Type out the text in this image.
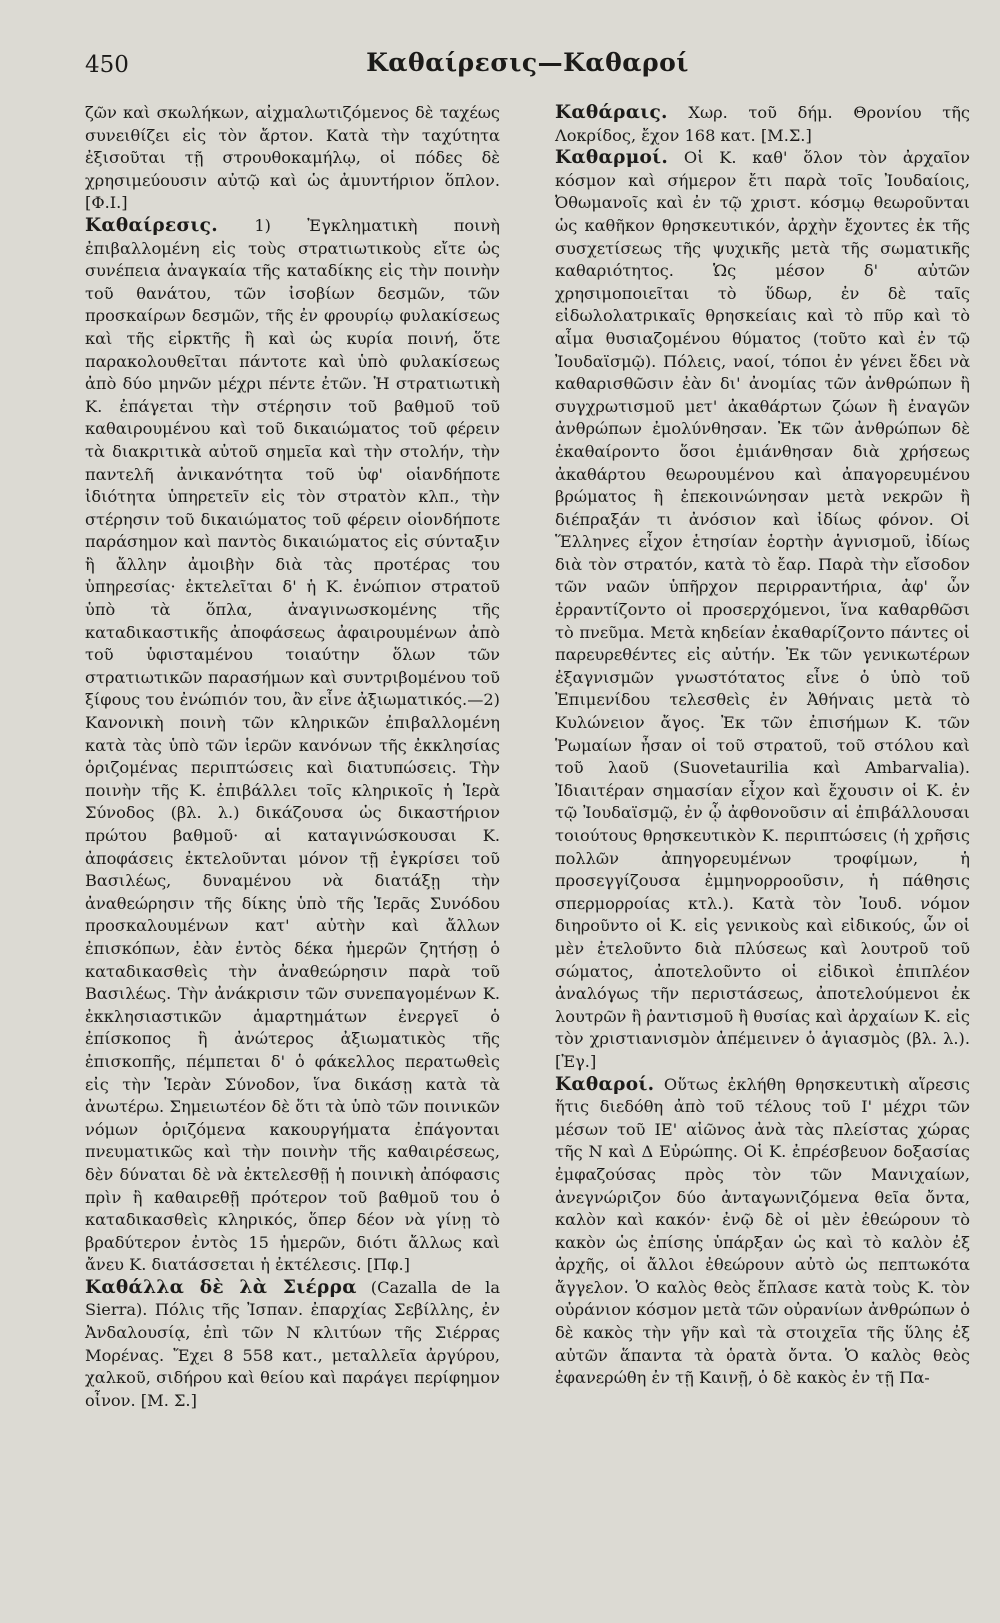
450	Καθαίρεσις—Καθαροί

ζῶν καὶ σκωλήκων, αἰχμαλωτιζόμενος δὲ ταχέως συνειθίζει εἰς τὸν ἄρτον. Κατὰ τὴν ταχύτητα ἐξισοῦται τῇ στρουθοκαμήλῳ, οἱ πόδες δὲ χρησιμεύουσιν αὐτῷ καὶ ὡς ἀμυντήριον ὅπλον. [Φ.Ι.]

Καθαίρεσις. 1) Ἐγκληματικὴ ποινὴ ἐπιβαλλομένη εἰς τοὺς στρατιωτικοὺς εἴτε ὡς συνέπεια ἀναγκαία τῆς καταδίκης εἰς τὴν ποινὴν τοῦ θανάτου, τῶν ἰσοβίων δεσμῶν, τῶν προσκαίρων δεσμῶν, τῆς ἐν φρουρίῳ φυλακίσεως καὶ τῆς εἱρκτῆς ἢ καὶ ὡς κυρία ποινή, ὅτε παρακολουθεῖται πάντοτε καὶ ὑπὸ φυλακίσεως ἀπὸ δύο μηνῶν μέχρι πέντε ἐτῶν. Ἡ στρατιωτικὴ Κ. ἐπάγεται τὴν στέρησιν τοῦ βαθμοῦ τοῦ καθαιρουμένου καὶ τοῦ δικαιώματος τοῦ φέρειν τὰ διακριτικὰ αὐτοῦ σημεῖα καὶ τὴν στολήν, τὴν παντελῆ ἀνικανότητα τοῦ ὑφ' οἱανδήποτε ἰδιότητα ὑπηρετεῖν εἰς τὸν στρατὸν κλπ., τὴν στέρησιν τοῦ δικαιώματος τοῦ φέρειν οἱονδήποτε παράσημον καὶ παντὸς δικαιώματος εἰς σύνταξιν ἢ ἄλλην ἀμοιβὴν διὰ τὰς προτέρας του ὑπηρεσίας· ἐκτελεῖται δ' ἡ Κ. ἐνώπιον στρατοῦ ὑπὸ τὰ ὅπλα, ἀναγινωσκομένης τῆς καταδικαστικῆς ἀποφάσεως ἀφαιρουμένων ἀπὸ τοῦ ὑφισταμένου τοιαύτην ὅλων τῶν στρατιωτικῶν παρασήμων καὶ συντριβομένου τοῦ ξίφους του ἐνώπιόν του, ἂν εἶνε ἀξιωματικός.—2) Κανονικὴ ποινὴ τῶν κληρικῶν ἐπιβαλλομένη κατὰ τὰς ὑπὸ τῶν ἱερῶν κανόνων τῆς ἐκκλησίας ὁριζομένας περιπτώσεις καὶ διατυπώσεις. Τὴν ποινὴν τῆς Κ. ἐπιβάλλει τοῖς κληρικοῖς ἡ Ἱερὰ Σύνοδος (βλ. λ.) δικάζουσα ὡς δικαστήριον πρώτου βαθμοῦ· αἱ καταγινώσκουσαι Κ. ἀποφάσεις ἐκτελοῦνται μόνον τῇ ἐγκρίσει τοῦ Βασιλέως, δυναμένου νὰ διατάξῃ τὴν ἀναθεώρησιν τῆς δίκης ὑπὸ τῆς Ἱερᾶς Συνόδου προσκαλουμένων κατ' αὐτὴν καὶ ἄλλων ἐπισκόπων, ἐὰν ἐντὸς δέκα ἡμερῶν ζητήσῃ ὁ καταδικασθεὶς τὴν ἀναθεώρησιν παρὰ τοῦ Βασιλέως. Τὴν ἀνάκρισιν τῶν συνεπαγομένων Κ. ἐκκλησιαστικῶν ἁμαρτημάτων ἐνεργεῖ ὁ ἐπίσκοπος ἢ ἀνώτερος ἀξιωματικὸς τῆς ἐπισκοπῆς, πέμπεται δ' ὁ φάκελλος περατωθεὶς εἰς τὴν Ἱερὰν Σύνοδον, ἵνα δικάσῃ κατὰ τὰ ἀνωτέρω. Σημειωτέον δὲ ὅτι τὰ ὑπὸ τῶν ποινικῶν νόμων ὁριζόμενα κακουργήματα ἐπάγονται πνευματικῶς καὶ τὴν ποινὴν τῆς καθαιρέσεως, δὲν δύναται δὲ νὰ ἐκτελεσθῇ ἡ ποινικὴ ἀπόφασις πρὶν ἢ καθαιρεθῇ πρότερον τοῦ βαθμοῦ του ὁ καταδικασθεὶς κληρικός, ὅπερ δέον νὰ γίνῃ τὸ βραδύτερον ἐντὸς 15 ἡμερῶν, διότι ἄλλως καὶ ἄνευ Κ. διατάσσεται ἡ ἐκτέλεσις. [Πφ.]

Καθάλλα δὲ λὰ Σιέρρα (Cazalla de la Sierra). Πόλις τῆς Ἰσπαν. ἐπαρχίας Σεβίλλης, ἐν Ἀνδαλουσίᾳ, ἐπὶ τῶν Ν κλιτύων τῆς Σιέρρας Μορένας. Ἔχει 8 558 κατ., μεταλλεῖα ἀργύρου, χαλκοῦ, σιδήρου καὶ θείου καὶ παράγει περίφημον οἶνον. [Μ. Σ.]

Καθάραις. Χωρ. τοῦ δήμ. Θρονίου τῆς Λοκρίδος, ἔχον 168 κατ. [Μ.Σ.]

Καθαρμοί. Οἱ Κ. καθ' ὅλον τὸν ἀρχαῖον κόσμον καὶ σήμερον ἔτι παρὰ τοῖς Ἰουδαίοις, Ὀθωμανοῖς καὶ ἐν τῷ χριστ. κόσμῳ θεωροῦνται ὡς καθῆκον θρησκευτικόν, ἀρχὴν ἔχοντες ἐκ τῆς συσχετίσεως τῆς ψυχικῆς μετὰ τῆς σωματικῆς καθαριότητος. Ὡς μέσον δ' αὐτῶν χρησιμοποιεῖται τὸ ὕδωρ, ἐν δὲ ταῖς εἰδωλολατρικαῖς θρησκείαις καὶ τὸ πῦρ καὶ τὸ αἷμα θυσιαζομένου θύματος (τοῦτο καὶ ἐν τῷ Ἰουδαϊσμῷ). Πόλεις, ναοί, τόποι ἐν γένει ἔδει νὰ καθαρισθῶσιν ἐὰν δι' ἀνομίας τῶν ἀνθρώπων ἢ συγχρωτισμοῦ μετ' ἀκαθάρτων ζώων ἢ ἐναγῶν ἀνθρώπων ἐμολύνθησαν. Ἐκ τῶν ἀνθρώπων δὲ ἐκαθαίροντο ὅσοι ἐμιάνθησαν διὰ χρήσεως ἀκαθάρτου θεωρουμένου καὶ ἀπαγορευμένου βρώματος ἢ ἐπεκοινώνησαν μετὰ νεκρῶν ἢ διέπραξάν τι ἀνόσιον καὶ ἰδίως φόνον. Οἱ Ἕλληνες εἶχον ἑτησίαν ἑορτὴν ἁγνισμοῦ, ἰδίως διὰ τὸν στρατόν, κατὰ τὸ ἔαρ. Παρὰ τὴν εἴσοδον τῶν ναῶν ὑπῆρχον περιρραντήρια, ἀφ' ὧν ἐρραντίζοντο οἱ προσερχόμενοι, ἵνα καθαρθῶσι τὸ πνεῦμα. Μετὰ κηδείαν ἐκαθαρίζοντο πάντες οἱ παρευρεθέντες εἰς αὐτήν. Ἐκ τῶν γενικωτέρων ἐξαγνισμῶν γνωστότατος εἶνε ὁ ὑπὸ τοῦ Ἐπιμενίδου τελεσθεὶς ἐν Ἀθήναις μετὰ τὸ Κυλώνειον ἄγος. Ἐκ τῶν ἐπισήμων Κ. τῶν Ῥωμαίων ἦσαν οἱ τοῦ στρατοῦ, τοῦ στόλου καὶ τοῦ λαοῦ (Suovetaurilia καὶ Ambarvalia). Ἰδιαιτέραν σημασίαν εἶχον καὶ ἔχουσιν οἱ Κ. ἐν τῷ Ἰουδαϊσμῷ, ἐν ᾧ ἀφθονοῦσιν αἱ ἐπιβάλλουσαι τοιούτους θρησκευτικὸν Κ. περιπτώσεις (ἡ χρῆσις πολλῶν ἀπηγορευμένων τροφίμων, ἡ προσεγγίζουσα ἐμμηνορροοῦσιν, ἡ πάθησις σπερμορροίας κτλ.). Κατὰ τὸν Ἰουδ. νόμον διηροῦντο οἱ Κ. εἰς γενικοὺς καὶ εἰδικούς, ὧν οἱ μὲν ἐτελοῦντο διὰ πλύσεως καὶ λουτροῦ τοῦ σώματος, ἀποτελοῦντο οἱ εἰδικοὶ ἐπιπλέον ἀναλόγως τῆν περιστάσεως, ἀποτελούμενοι ἐκ λουτρῶν ἢ ῥαντισμοῦ ἢ θυσίας καὶ ἀρχαίων Κ. εἰς τὸν χριστιανισμὸν ἀπέμεινεν ὁ ἁγιασμὸς (βλ. λ.). [Ἐγ.]

Καθαροί. Οὕτως ἐκλήθη θρησκευτικὴ αἵρεσις ἥτις διεδόθη ἀπὸ τοῦ τέλους τοῦ Ι' μέχρι τῶν μέσων τοῦ ΙΕ' αἰῶνος ἀνὰ τὰς πλείστας χώρας τῆς Ν καὶ Δ Εὐρώπης. Οἱ Κ. ἐπρέσβευον δοξασίας ἐμφαζούσας πρὸς τὸν τῶν Μανιχαίων, ἀνεγνώριζον δύο ἀνταγωνιζόμενα θεῖα ὄντα, καλὸν καὶ κακόν· ἐνῷ δὲ οἱ μὲν ἐθεώρουν τὸ κακὸν ὡς ἐπίσης ὑπάρξαν ὡς καὶ τὸ καλὸν ἐξ ἀρχῆς, οἱ ἄλλοι ἐθεώρουν αὐτὸ ὡς πεπτωκότα ἄγγελον. Ὁ καλὸς θεὸς ἔπλασε κατὰ τοὺς Κ. τὸν οὐράνιον κόσμον μετὰ τῶν οὐρανίων ἀνθρώπων ὁ δὲ κακὸς τὴν γῆν καὶ τὰ στοιχεῖα τῆς ὕλης ἐξ αὐτῶν ἅπαντα τὰ ὁρατὰ ὄντα. Ὁ καλὸς θεὸς ἐφανερώθη ἐν τῇ Καινῇ, ὁ δὲ κακὸς ἐν τῇ Πα-
